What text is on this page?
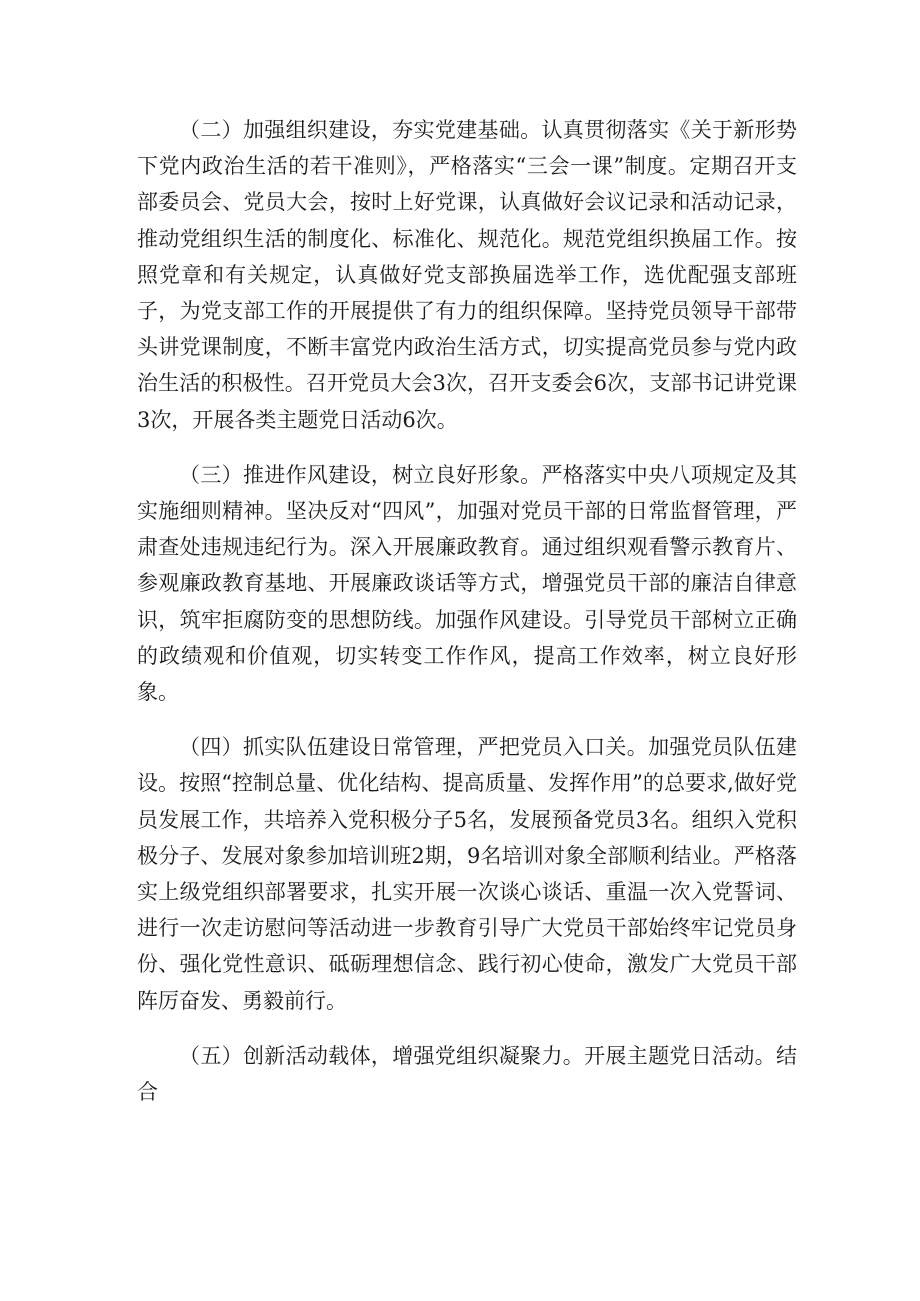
（二）加强组织建设，夯实党建基础。认真贯彻落实《关于新形势下党内政治生活的若干准则》，严格落实“三会一课”制度。定期召开支部委员会、党员大会，按时上好党课，认真做好会议记录和活动记录，推动党组织生活的制度化、标准化、规范化。规范党组织换届工作。按照党章和有关规定，认真做好党支部换届选举工作，选优配强支部班子，为党支部工作的开展提供了有力的组织保障。坚持党员领导干部带头讲党课制度，不断丰富党内政治生活方式，切实提高党员参与党内政治生活的积极性。召开党员大会3次，召开支委会6次，支部书记讲党课3次，开展各类主题党日活动6次。

（三）推进作风建设，树立良好形象。严格落实中央八项规定及其实施细则精神。坚决反对“四风”，加强对党员干部的日常监督管理，严肃查处违规违纪行为。深入开展廉政教育。通过组织观看警示教育片、参观廉政教育基地、开展廉政谈话等方式，增强党员干部的廉洁自律意识，筑牢拒腐防变的思想防线。加强作风建设。引导党员干部树立正确的政绩观和价值观，切实转变工作作风，提高工作效率，树立良好形象。

（四）抓实队伍建设日常管理，严把党员入口关。加强党员队伍建设。按照“控制总量、优化结构、提高质量、发挥作用”的总要求,做好党员发展工作，共培养入党积极分子5名，发展预备党员3名。组织入党积极分子、发展对象参加培训班2期，9名培训对象全部顺利结业。严格落实上级党组织部署要求，扎实开展一次谈心谈话、重温一次入党誓词、进行一次走访慰问等活动进一步教育引导广大党员干部始终牢记党员身份、强化党性意识、砥砺理想信念、践行初心使命，激发广大党员干部阵厉奋发、勇毅前行。

（五）创新活动载体，增强党组织凝聚力。开展主题党日活动。结合
